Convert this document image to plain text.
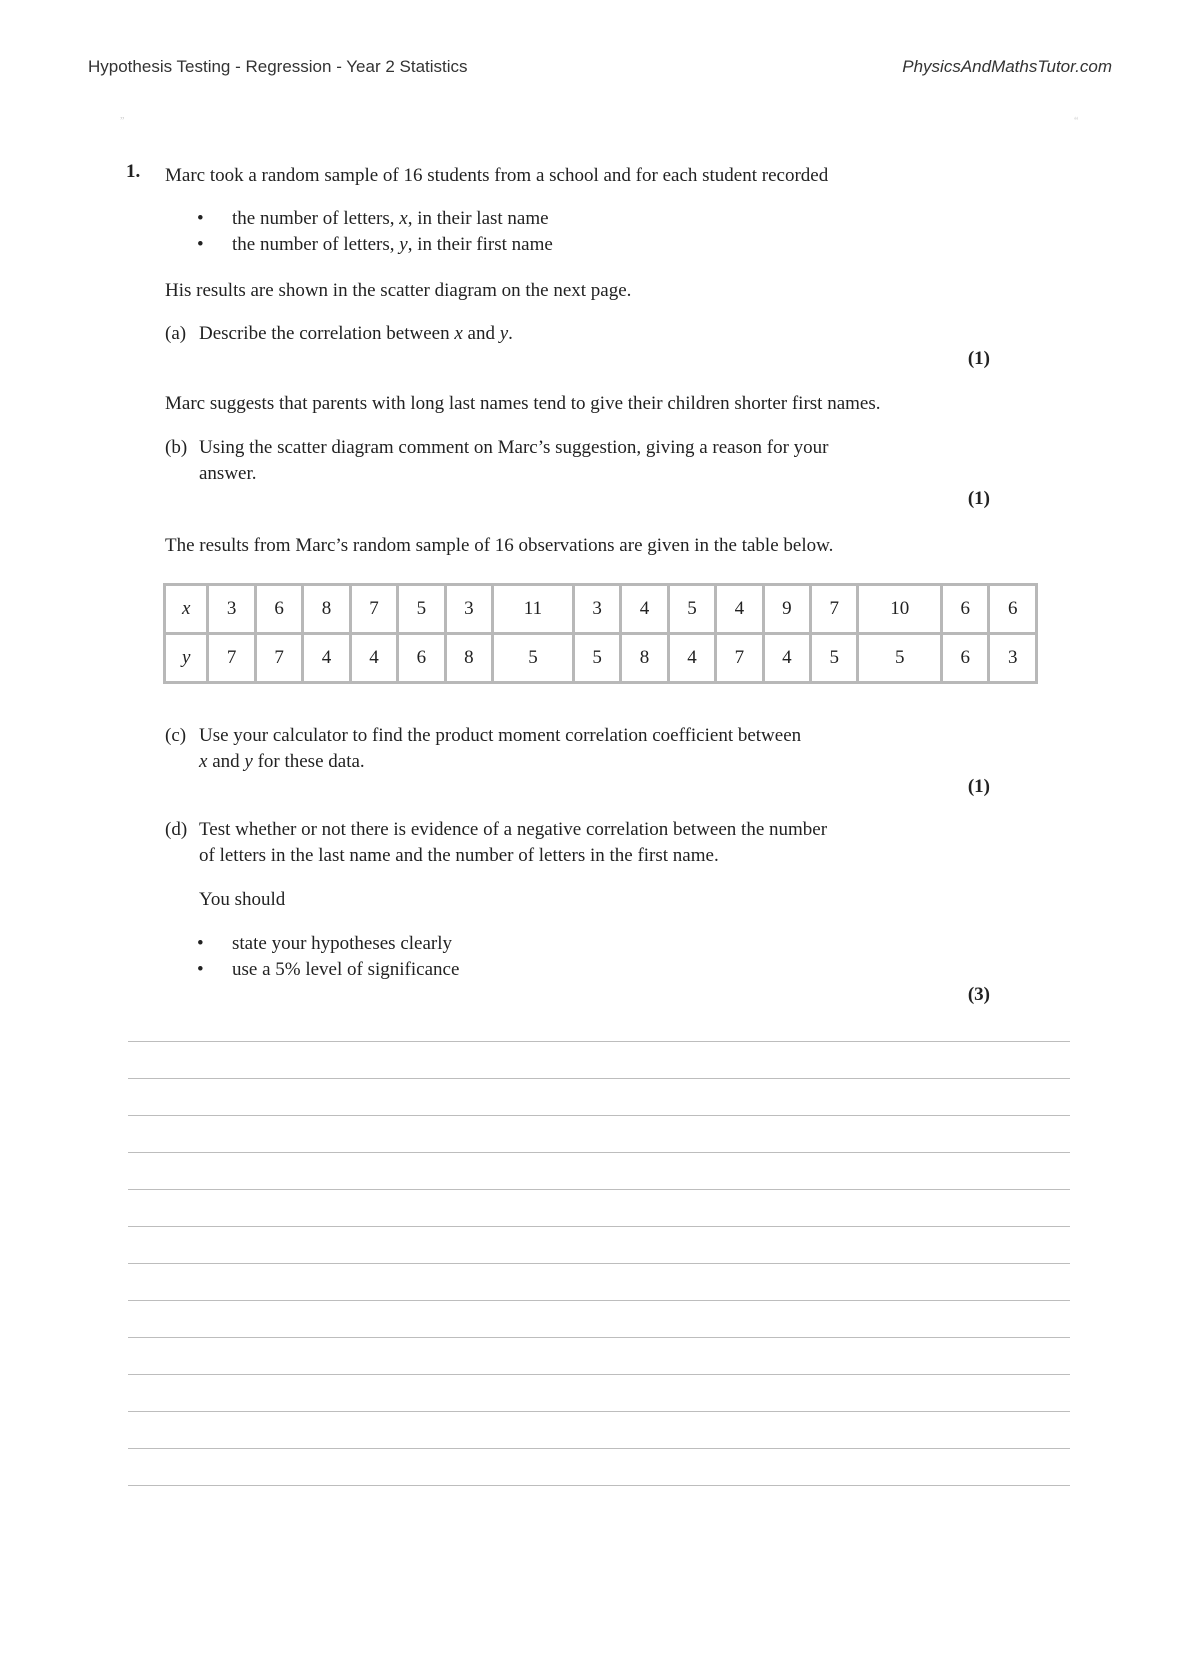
Hypothesis Testing - Regression - Year 2 Statistics	PhysicsAndMathsTutor.com
”	“
1. Marc took a random sample of 16 students from a school and for each student recorded
• the number of letters, x, in their last name
• the number of letters, y, in their first name
His results are shown in the scatter diagram on the next page.
(a) Describe the correlation between x and y.
(1)
Marc suggests that parents with long last names tend to give their children shorter first names.
(b) Using the scatter diagram comment on Marc’s suggestion, giving a reason for your
answer.
(1)
The results from Marc’s random sample of 16 observations are given in the table below.
x	3	6	8	7	5	3	11	3	4	5	4	9	7	10	6	6
y	7	7	4	4	6	8	5	5	8	4	7	4	5	5	6	3
(c) Use your calculator to find the product moment correlation coefficient between
x and y for these data.
(1)
(d) Test whether or not there is evidence of a negative correlation between the number
of letters in the last name and the number of letters in the first name.
You should
• state your hypotheses clearly
• use a 5% level of significance
(3)
